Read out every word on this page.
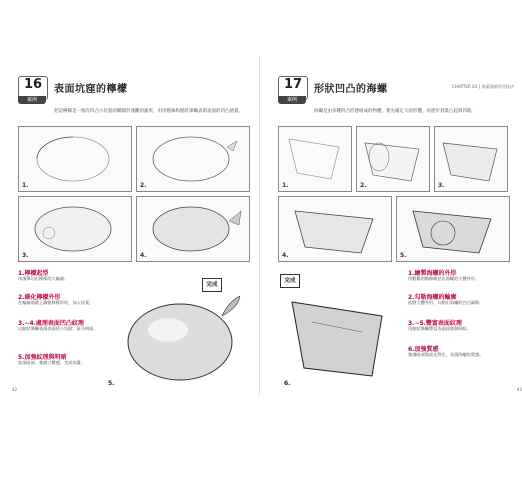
16
案例
表面坑窪的檸檬
把這檸檬是一個有凹凸小坑點的橢圓形淺觀的蔬果，用用輕線和點狀筆觸表現表面的凹凸感覺。
1.	2.
3.	4.
1.檸檬起型
用淺筆勾出檸檬的大輪廓。
2.細化檸檬外形
在輪廓基礎上調整檸檬形狀，加入枝葉。
3.~4.處理表面凹凸紋理
以點狀筆觸表現表面的小坑點，區分明暗。
5.加強紋理與明暗
加深暗部，強調立體感，完成刻畫。
完成
5.
42
CHAPTER 03 │ 點素描繪常用技法
17
案例
形狀凹凸的海螺
海螺是由多種凹凸形態組成的物體，要先確定大的形體，再逐步刻畫凸起與凹陷。
1.	2.	3.
4.	5.
完成
6.
1.繪製海螺的外形
用輕鬆的線條概括出海螺的大體外形。
2.勾勒海螺的輪廓
依照大體外形，勾勒出海螺的凹凸細節。
3.~5.豐富表面紋理
用點狀筆觸豐富表面紋理與明暗。
6.加強質感
強調暗部與高光對比，表現海螺的質感。
43
